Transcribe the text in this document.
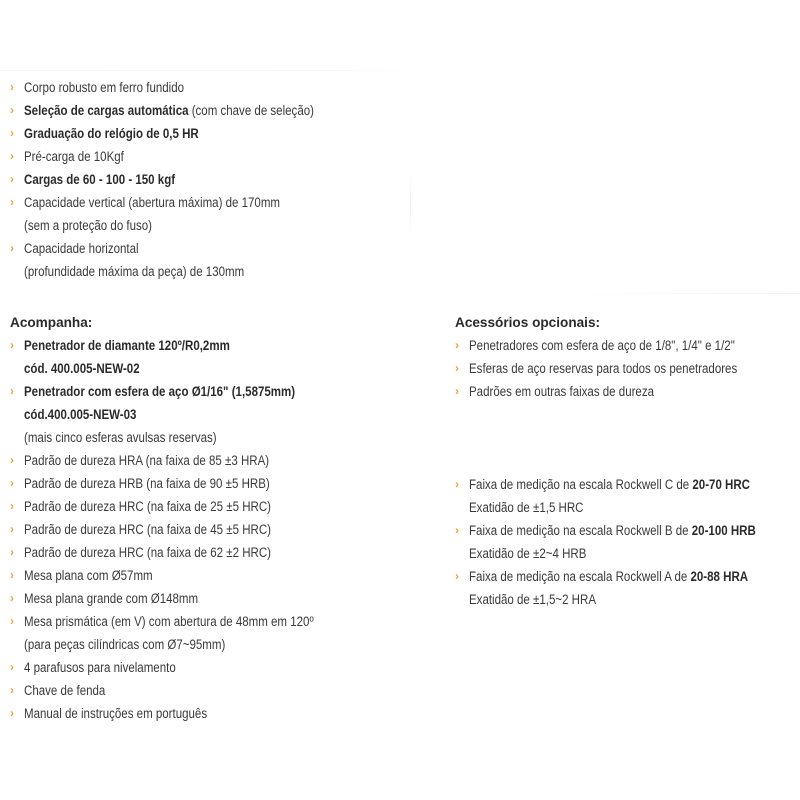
› Corpo robusto em ferro fundido
› Seleção de cargas automática (com chave de seleção)
› Graduação do relógio de 0,5 HR
› Pré-carga de 10Kgf
› Cargas de 60 - 100 - 150 kgf
› Capacidade vertical (abertura máxima) de 170mm
(sem a proteção do fuso)
› Capacidade horizontal
(profundidade máxima da peça) de 130mm
Acompanha:
› Penetrador de diamante 120º/R0,2mm
cód. 400.005-NEW-02
› Penetrador com esfera de aço Ø1/16" (1,5875mm)
cód.400.005-NEW-03
(mais cinco esferas avulsas reservas)
› Padrão de dureza HRA (na faixa de 85 ±3 HRA)
› Padrão de dureza HRB (na faixa de 90 ±5 HRB)
› Padrão de dureza HRC (na faixa de 25 ±5 HRC)
› Padrão de dureza HRC (na faixa de 45 ±5 HRC)
› Padrão de dureza HRC (na faixa de 62 ±2 HRC)
› Mesa plana com Ø57mm
› Mesa plana grande com Ø148mm
› Mesa prismática (em V) com abertura de 48mm em 120º
(para peças cilíndricas com Ø7~95mm)
› 4 parafusos para nivelamento
› Chave de fenda
› Manual de instruções em português
Acessórios opcionais:
› Penetradores com esfera de aço de 1/8", 1/4" e 1/2"
› Esferas de aço reservas para todos os penetradores
› Padrões em outras faixas de dureza
› Faixa de medição na escala Rockwell C de 20-70 HRC
Exatidão de ±1,5 HRC
› Faixa de medição na escala Rockwell B de 20-100 HRB
Exatidão de ±2~4 HRB
› Faixa de medição na escala Rockwell A de 20-88 HRA
Exatidão de ±1,5~2 HRA
